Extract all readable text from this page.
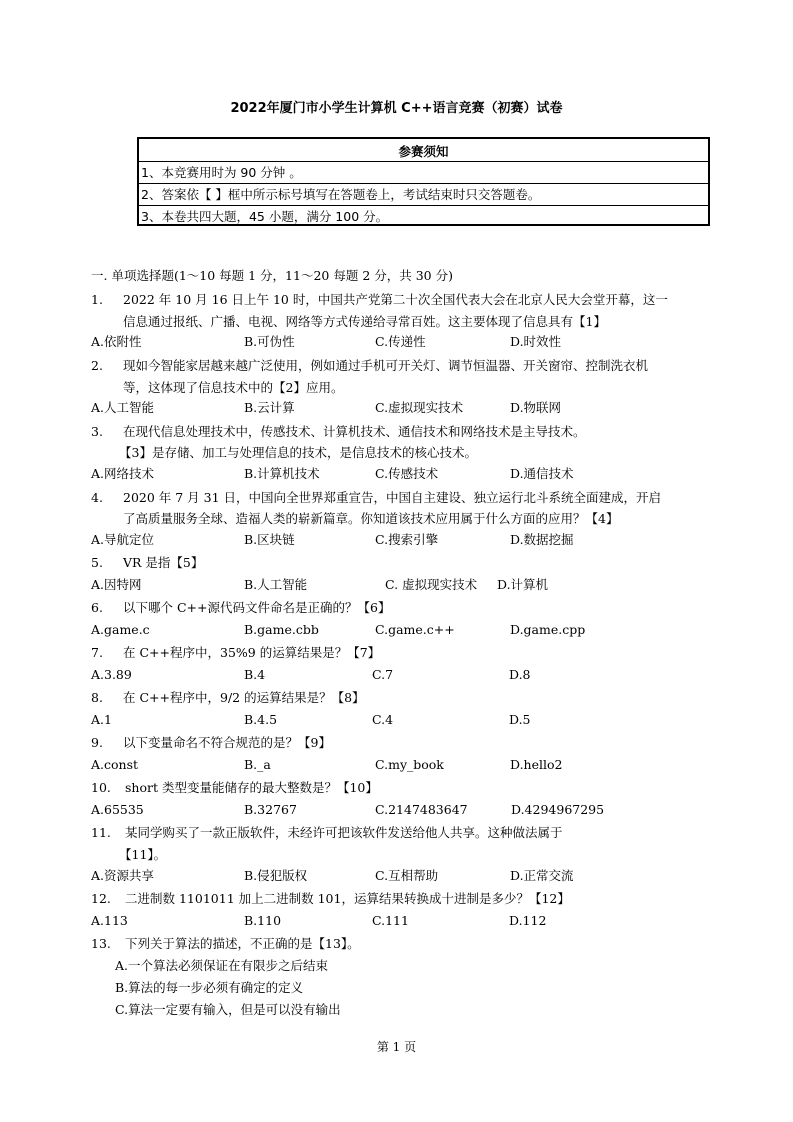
2022年厦门市小学生计算机 C++语言竞赛（初赛）试卷
参赛须知
1、本竞赛用时为 90 分钟 。
2、答案依【 】框中所示标号填写在答题卷上，考试结束时只交答题卷。
3、本卷共四大题，45 小题，满分 100 分。
一. 单项选择题(1～10 每题 1 分，11～20 每题 2 分，共 30 分)
1. 2022 年 10 月 16 日上午 10 时，中国共产党第二十次全国代表大会在北京人民大会堂开幕，这一
信息通过报纸、广播、电视、网络等方式传递给寻常百姓。这主要体现了信息具有【1】
A.依附性	B.可伪性	C.传递性	D.时效性
2. 现如今智能家居越来越广泛使用，例如通过手机可开关灯、调节恒温器、开关窗帘、控制洗衣机
等，这体现了信息技术中的【2】应用。
A.人工智能	B.云计算	C.虚拟现实技术	D.物联网
3. 在现代信息处理技术中，传感技术、计算机技术、通信技术和网络技术是主导技术。
【3】是存储、加工与处理信息的技术，是信息技术的核心技术。
A.网络技术	B.计算机技术	C.传感技术	D.通信技术
4. 2020 年 7 月 31 日，中国向全世界郑重宣告，中国自主建设、独立运行北斗系统全面建成，开启
了高质量服务全球、造福人类的崭新篇章。你知道该技术应用属于什么方面的应用？【4】
A.导航定位	B.区块链	C.搜索引擎	D.数据挖掘
5. VR 是指【5】
A.因特网	B.人工智能	C. 虚拟现实技术 D.计算机
6. 以下哪个 C++源代码文件命名是正确的？【6】
A.game.c	B.game.cbb	C.game.c++	D.game.cpp
7. 在 C++程序中，35%9 的运算结果是？【7】
A.3.89	B.4	C.7	D.8
8. 在 C++程序中，9/2 的运算结果是？【8】
A.1	B.4.5	C.4	D.5
9. 以下变量命名不符合规范的是？【9】
A.const	B._a	C.my_book	D.hello2
10. short 类型变量能储存的最大整数是？【10】
A.65535	B.32767	C.2147483647	D.4294967295
11. 某同学购买了一款正版软件，未经许可把该软件发送给他人共享。这种做法属于
【11】。
A.资源共享	B.侵犯版权	C.互相帮助	D.正常交流
12. 二进制数 1101011 加上二进制数 101，运算结果转换成十进制是多少？【12】
A.113	B.110	C.111	D.112
13. 下列关于算法的描述，不正确的是【13】。
A.一个算法必须保证在有限步之后结束
B.算法的每一步必须有确定的定义
C.算法一定要有输入，但是可以没有输出
第 1 页
